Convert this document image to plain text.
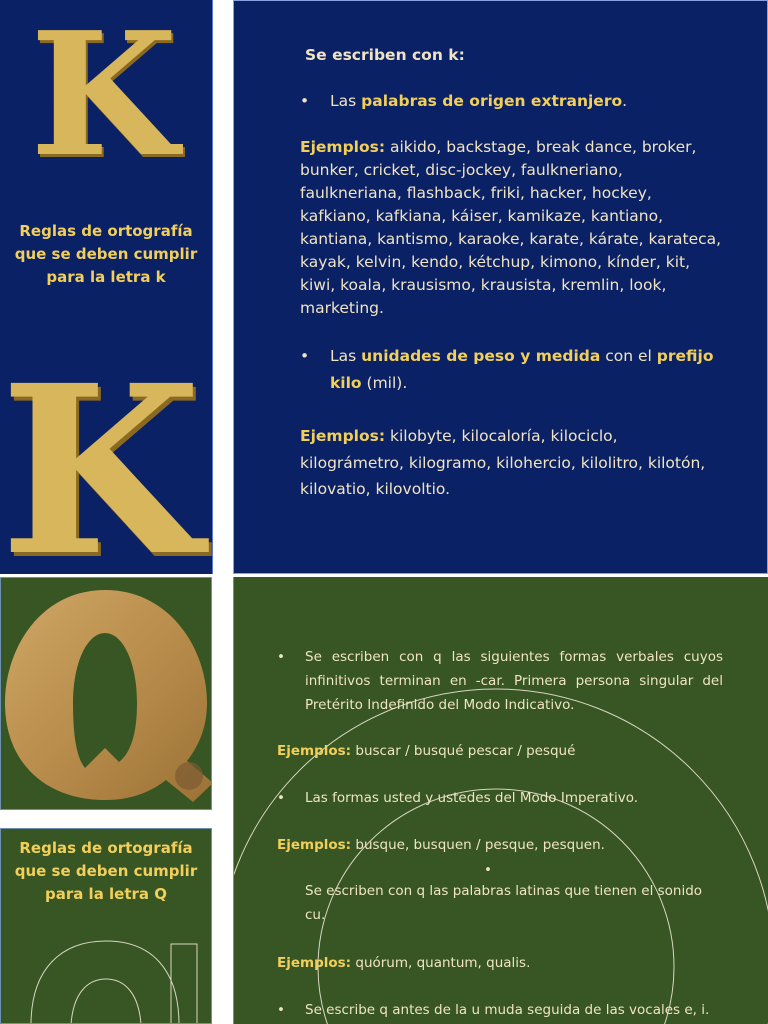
K
Reglas de ortografía
que se deben cumplir
para la letra k
K
Se escriben con k:
•	Las palabras de origen extranjero.
Ejemplos: aikido, backstage, break dance, broker,
bunker, cricket, disc-jockey, faulkneriano,
faulkneriana, flashback, friki, hacker, hockey,
kafkiano, kafkiana, káiser, kamikaze, kantiano,
kantiana, kantismo, karaoke, karate, kárate, karateca,
kayak, kelvin, kendo, kétchup, kimono, kínder, kit,
kiwi, koala, krausismo, krausista, kremlin, look,
marketing.
•	Las unidades de peso y medida con el prefijo
kilo (mil).
Ejemplos: kilobyte, kilocaloría, kilociclo,
kilográmetro, kilogramo, kilohercio, kilolitro, kilotón,
kilovatio, kilovoltio.
Reglas de ortografía
que se deben cumplir
para la letra Q
•	Se escriben con q las siguientes formas verbales cuyos infinitivos terminan en -car. Primera persona singular del Pretérito Indefinido del Modo Indicativo.
Ejemplos: buscar / busqué pescar / pesqué
•	Las formas usted y ustedes del Modo Imperativo.
Ejemplos: busque, busquen / pesque, pesquen.
•
Se escriben con q las palabras latinas que tienen el sonido
cu.
Ejemplos: quórum, quantum, qualis.
•	Se escribe q antes de la u muda seguida de las vocales e, i.
